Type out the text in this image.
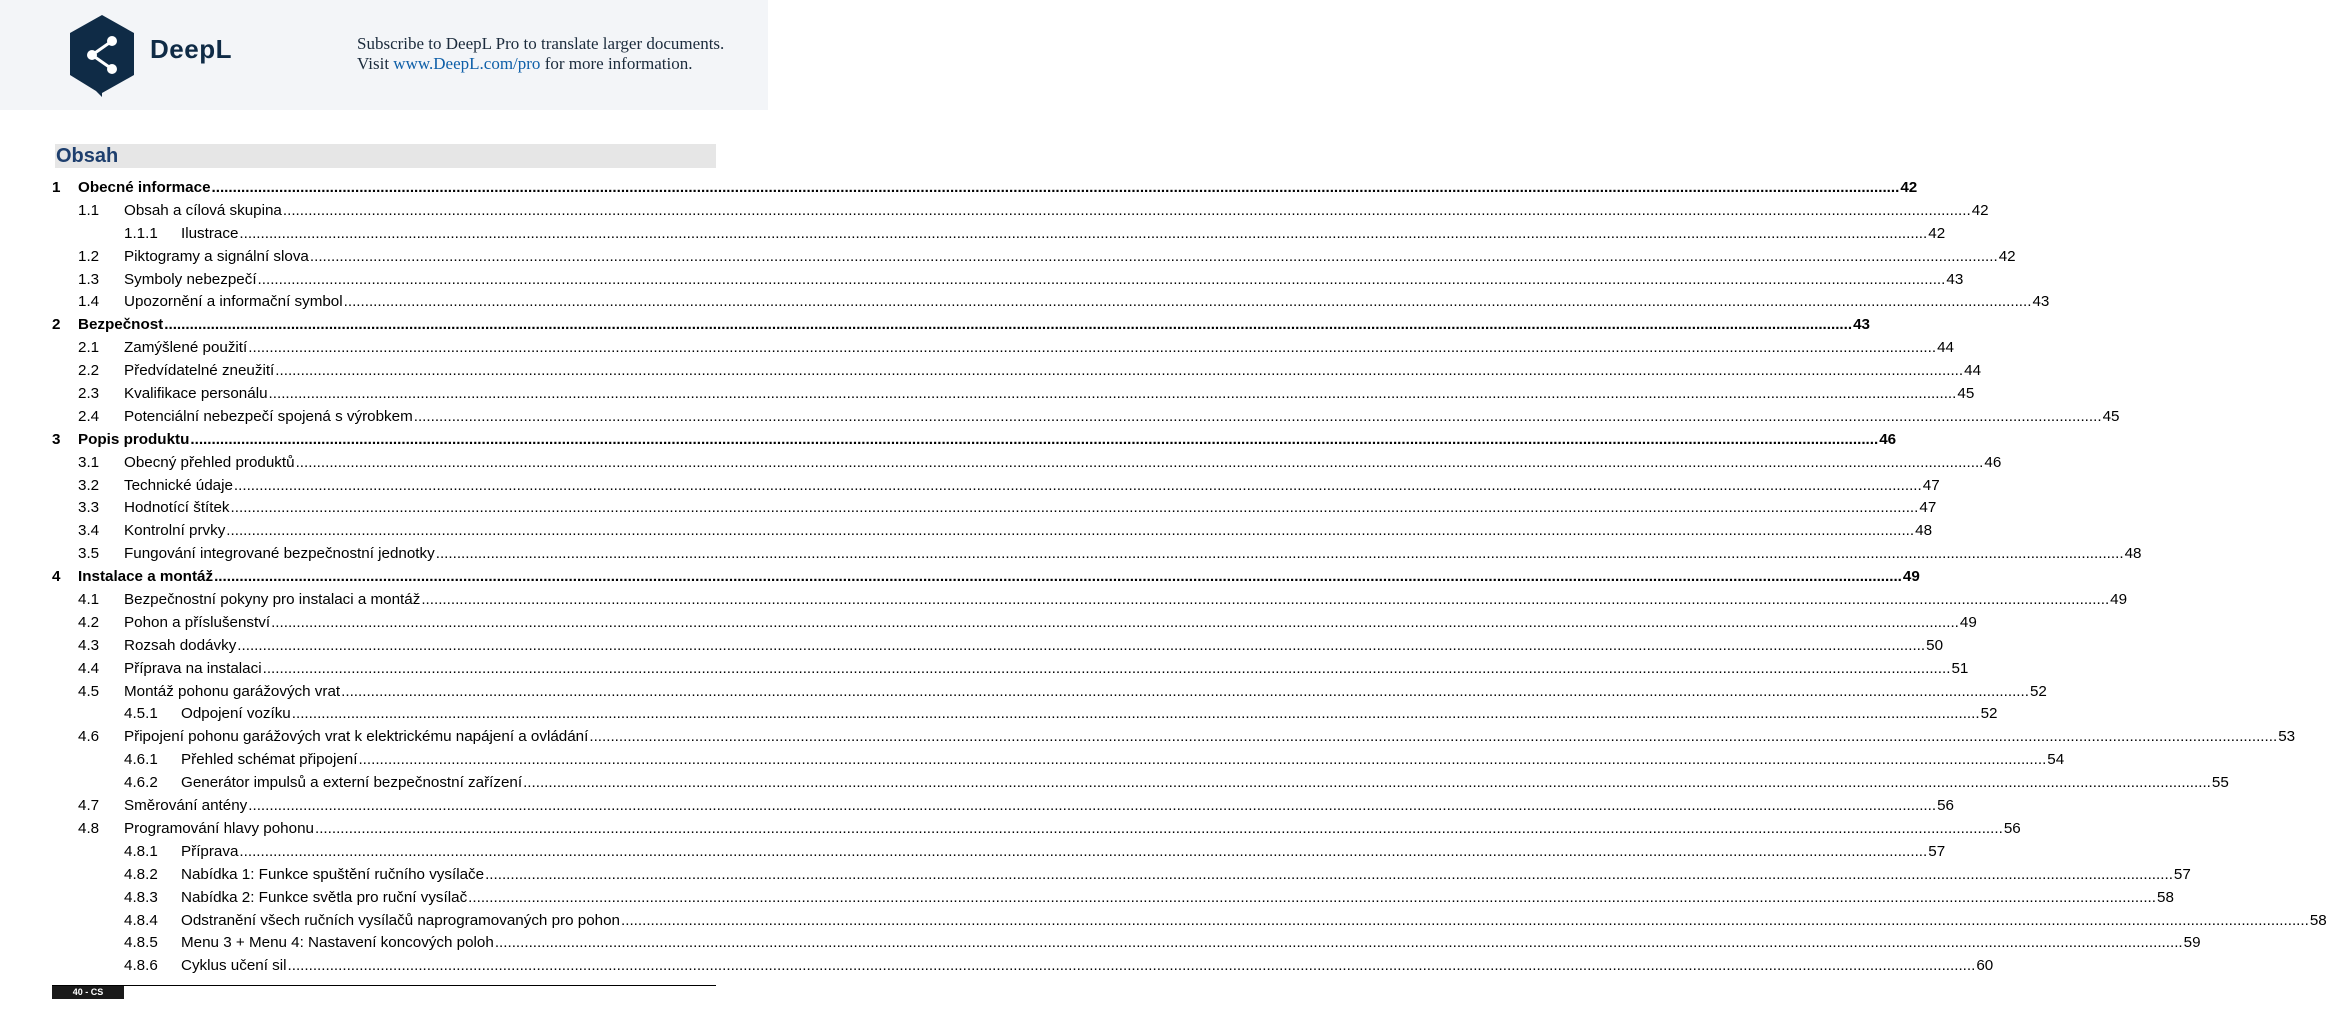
DeepL	Subscribe to DeepL Pro to translate larger documents.
Visit www.DeepL.com/pro for more information.
Obsah
1 Obecné informace ................................................................................................................................................................................................................................................................................................................................................................................................................ 42
1.1 Obsah a cílová skupina ................................................................................................................................................................................................................................................................................................................................................................................................................ 42
1.1.1 Ilustrace ................................................................................................................................................................................................................................................................................................................................................................................................................ 42
1.2 Piktogramy a signální slova ................................................................................................................................................................................................................................................................................................................................................................................................................ 42
1.3 Symboly nebezpečí ................................................................................................................................................................................................................................................................................................................................................................................................................ 43
1.4 Upozornění a informační symbol ................................................................................................................................................................................................................................................................................................................................................................................................................ 43
2 Bezpečnost ................................................................................................................................................................................................................................................................................................................................................................................................................ 43
2.1 Zamýšlené použití ................................................................................................................................................................................................................................................................................................................................................................................................................ 44
2.2 Předvídatelné zneužití ................................................................................................................................................................................................................................................................................................................................................................................................................ 44
2.3 Kvalifikace personálu ................................................................................................................................................................................................................................................................................................................................................................................................................ 45
2.4 Potenciální nebezpečí spojená s výrobkem ................................................................................................................................................................................................................................................................................................................................................................................................................ 45
3 Popis produktu ................................................................................................................................................................................................................................................................................................................................................................................................................ 46
3.1 Obecný přehled produktů ................................................................................................................................................................................................................................................................................................................................................................................................................ 46
3.2 Technické údaje ................................................................................................................................................................................................................................................................................................................................................................................................................ 47
3.3 Hodnotící štítek ................................................................................................................................................................................................................................................................................................................................................................................................................ 47
3.4 Kontrolní prvky ................................................................................................................................................................................................................................................................................................................................................................................................................ 48
3.5 Fungování integrované bezpečnostní jednotky ................................................................................................................................................................................................................................................................................................................................................................................................................ 48
4 Instalace a montáž ................................................................................................................................................................................................................................................................................................................................................................................................................ 49
4.1 Bezpečnostní pokyny pro instalaci a montáž ................................................................................................................................................................................................................................................................................................................................................................................................................ 49
4.2 Pohon a příslušenství ................................................................................................................................................................................................................................................................................................................................................................................................................ 49
4.3 Rozsah dodávky ................................................................................................................................................................................................................................................................................................................................................................................................................ 50
4.4 Příprava na instalaci ................................................................................................................................................................................................................................................................................................................................................................................................................ 51
4.5 Montáž pohonu garážových vrat ................................................................................................................................................................................................................................................................................................................................................................................................................ 52
4.5.1 Odpojení vozíku ................................................................................................................................................................................................................................................................................................................................................................................................................ 52
4.6 Připojení pohonu garážových vrat k elektrickému napájení a ovládání ................................................................................................................................................................................................................................................................................................................................................................................................................ 53
4.6.1 Přehled schémat připojení ................................................................................................................................................................................................................................................................................................................................................................................................................ 54
4.6.2 Generátor impulsů a externí bezpečnostní zařízení ................................................................................................................................................................................................................................................................................................................................................................................................................ 55
4.7 Směrování antény ................................................................................................................................................................................................................................................................................................................................................................................................................ 56
4.8 Programování hlavy pohonu ................................................................................................................................................................................................................................................................................................................................................................................................................ 56
4.8.1 Příprava ................................................................................................................................................................................................................................................................................................................................................................................................................ 57
4.8.2 Nabídka 1: Funkce spuštění ručního vysílače ................................................................................................................................................................................................................................................................................................................................................................................................................ 57
4.8.3 Nabídka 2: Funkce světla pro ruční vysílač ................................................................................................................................................................................................................................................................................................................................................................................................................ 58
4.8.4 Odstranění všech ručních vysílačů naprogramovaných pro pohon ................................................................................................................................................................................................................................................................................................................................................................................................................ 58
4.8.5 Menu 3 + Menu 4: Nastavení koncových poloh ................................................................................................................................................................................................................................................................................................................................................................................................................ 59
4.8.6 Cyklus učení sil ................................................................................................................................................................................................................................................................................................................................................................................................................ 60
40 - CS
